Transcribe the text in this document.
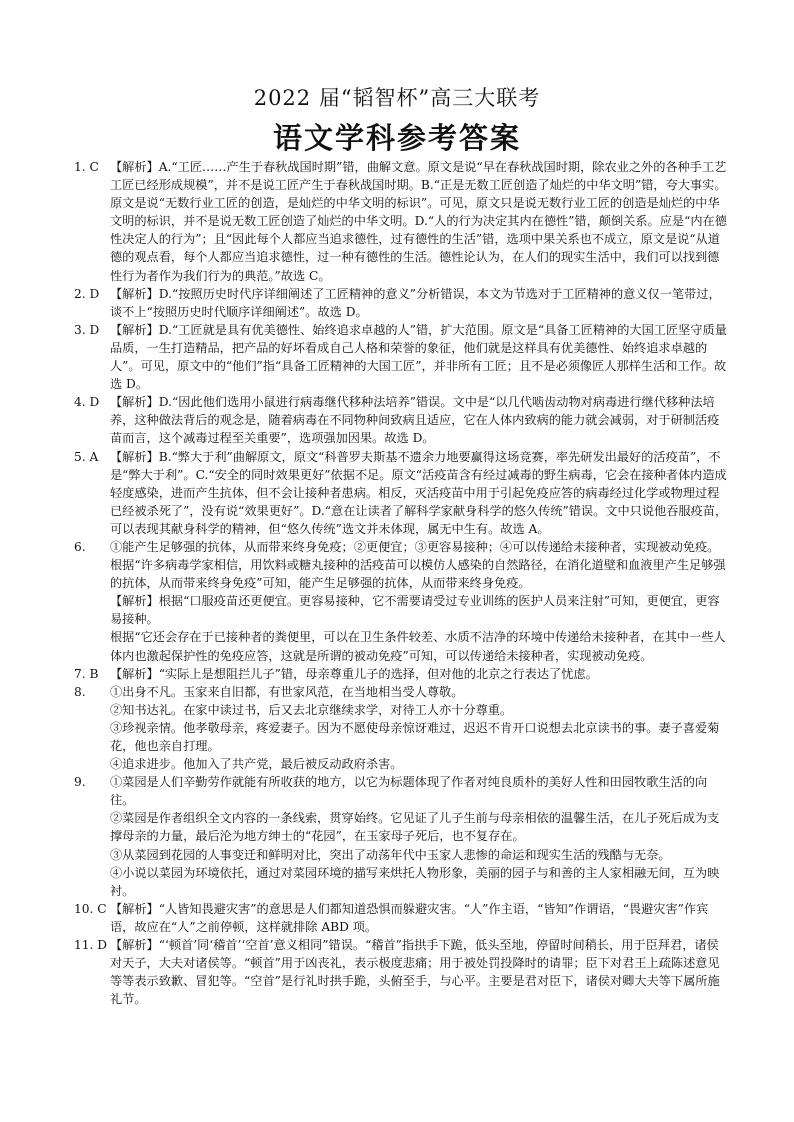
2022 届“韬智杯”高三大联考
语文学科参考答案
1. C 【解析】A.“工匠……产生于春秋战国时期”错，曲解文意。原文是说“早在春秋战国时期，除农业之外的各种手工艺工匠已经形成规模”，并不是说工匠产生于春秋战国时期。B.“正是无数工匠创造了灿烂的中华文明”错，夸大事实。原文是说“无数行业工匠的创造，是灿烂的中华文明的标识”。可见，原文只是说无数行业工匠的创造是灿烂的中华文明的标识，并不是说无数工匠创造了灿烂的中华文明。D.“人的行为决定其内在德性”错，颠倒关系。应是“内在德性决定人的行为”；且“因此每个人都应当追求德性，过有德性的生活”错，选项中果关系也不成立，原文是说“从道德的观点看，每个人都应当追求德性，过一种有德性的生活。德性论认为，在人们的现实生活中，我们可以找到德性行为者作为我们行为的典范。”故选 C。

2. D 【解析】D.“按照历史时代序详细阐述了工匠精神的意义”分析错误，本文为节选对于工匠精神的意义仅一笔带过，谈不上“按照历史时代顺序详细阐述”。故选 D。

3. D 【解析】D.“工匠就是具有优美德性、始终追求卓越的人”错，扩大范围。原文是“具备工匠精神的大国工匠坚守质量品质，一生打造精品，把产品的好坏看成自己人格和荣誉的象征，他们就是这样具有优美德性、始终追求卓越的人”。可见，原文中的“他们”指“具备工匠精神的大国工匠”，并非所有工匠；且不是必须像匠人那样生活和工作。故选 D。

4. D 【解析】D.“因此他们选用小鼠进行病毒继代移种法培养”错误。文中是“以几代啮齿动物对病毒进行继代移种法培养，这种做法背后的观念是，随着病毒在不同物种间致病且适应，它在人体内致病的能力就会减弱，对于研制活疫苗而言，这个减毒过程至关重要”，选项强加因果。故选 D。

5. A 【解析】B.“弊大于利”曲解原文，原文“科普罗夫斯基不遗余力地要赢得这场竞赛，率先研发出最好的活疫苗”，不是“弊大于利”。C.“安全的同时效果更好”依据不足。原文“活疫苗含有经过减毒的野生病毒，它会在接种者体内造成轻度感染，进而产生抗体，但不会让接种者患病。相反，灭活疫苗中用于引起免疫应答的病毒经过化学或物理过程已经被杀死了”，没有说“效果更好”。D.“意在让读者了解科学家献身科学的悠久传统”错误。文中只说他吞服疫苗，可以表现其献身科学的精神，但“悠久传统”选文并未体现，属无中生有。故选 A。

6.	①能产生足够强的抗体，从而带来终身免疫；②更便宜；③更容易接种；④可以传递给未接种者，实现被动免疫。

根据“许多病毒学家相信，用饮料或糖丸接种的活疫苗可以模仿人感染的自然路径，在消化道壁和血液里产生足够强的抗体，从而带来终身免疫”可知，能产生足够强的抗体，从而带来终身免疫。

【解析】根据“口服疫苗还更便宜。更容易接种，它不需要请受过专业训练的医护人员来注射”可知，更便宜，更容易接种。

根据“它还会存在于已接种者的粪便里，可以在卫生条件较差、水质不洁净的环境中传递给未接种者，在其中一些人体内也激起保护性的免疫应答，这就是所谓的被动免疫”可知，可以传递给未接种者，实现被动免疫。

7. B 【解析】“实际上是想阻拦儿子”错，母亲尊重儿子的选择，但对他的北京之行表达了忧虑。

8.	①出身不凡。玉家来自旧都，有世家风范，在当地相当受人尊敬。

②知书达礼。在家中读过书，后又去北京继续求学，对待工人亦十分尊重。

③珍视亲情。他孝敬母亲，疼爱妻子。因为不愿使母亲惊讶难过，迟迟不肯开口说想去北京读书的事。妻子喜爱菊花，他也亲自打理。

④追求进步。他加入了共产党，最后被反动政府杀害。

9.	①菜园是人们辛勤劳作就能有所收获的地方，以它为标题体现了作者对纯良质朴的美好人性和田园牧歌生活的向往。

②菜园是作者组织全文内容的一条线索，贯穿始终。它见证了儿子生前与母亲相依的温馨生活，在儿子死后成为支撑母亲的力量，最后沦为地方绅士的“花园”，在玉家母子死后，也不复存在。

③从菜园到花园的人事变迁和鲜明对比，突出了动荡年代中玉家人悲惨的命运和现实生活的残酷与无奈。

④小说以菜园为环境依托，通过对菜园环境的描写来烘托人物形象，美丽的园子与和善的主人家相融无间，互为映衬。

10. C 【解析】“人皆知畏避灾害”的意思是人们都知道恐惧而躲避灾害。“人”作主语，“皆知”作谓语，“畏避灾害”作宾语，故应在“人”之前停顿，这样就排除 ABD 项。

11. D 【解析】“‘顿首’同‘稽首’‘空首’意义相同”错误。“稽首”指拱手下跪，低头至地，停留时间稍长，用于臣拜君，诸侯对天子，大夫对诸侯等。“顿首”用于凶丧礼，表示极度悲痛；用于被处罚投降时的请罪；臣下对君王上疏陈述意见等等表示致歉、冒犯等。“空首”是行礼时拱手跪，头俯至手，与心平。主要是君对臣下，诸侯对卿大夫等下属所施礼节。
